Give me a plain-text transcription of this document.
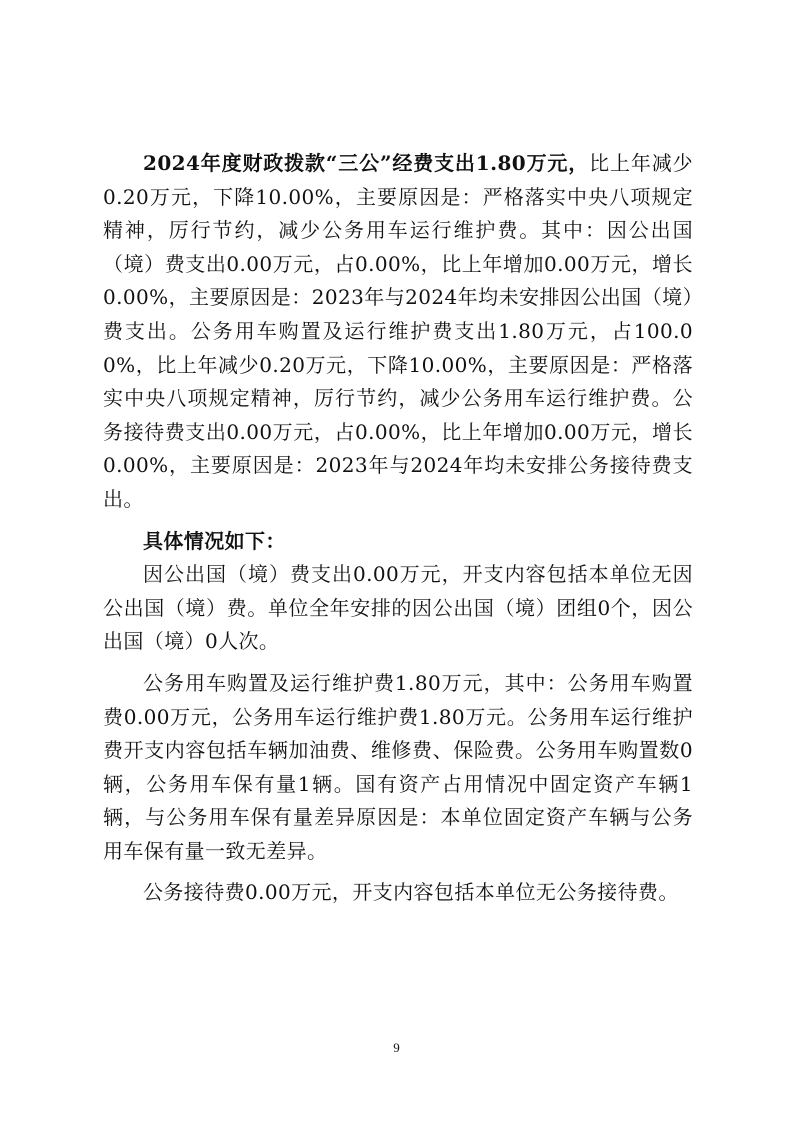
2024年度财政拨款“三公”经费支出1.80万元，比上年减少0.20万元，下降10.00%，主要原因是：严格落实中央八项规定精神，厉行节约，减少公务用车运行维护费。其中：因公出国（境）费支出0.00万元，占0.00%，比上年增加0.00万元，增长0.00%，主要原因是：2023年与2024年均未安排因公出国（境）费支出。公务用车购置及运行维护费支出1.80万元，占100.00%，比上年减少0.20万元，下降10.00%，主要原因是：严格落实中央八项规定精神，厉行节约，减少公务用车运行维护费。公务接待费支出0.00万元，占0.00%，比上年增加0.00万元，增长0.00%，主要原因是：2023年与2024年均未安排公务接待费支出。

具体情况如下：

因公出国（境）费支出0.00万元，开支内容包括本单位无因公出国（境）费。单位全年安排的因公出国（境）团组0个，因公出国（境）0人次。

公务用车购置及运行维护费1.80万元，其中：公务用车购置费0.00万元，公务用车运行维护费1.80万元。公务用车运行维护费开支内容包括车辆加油费、维修费、保险费。公务用车购置数0辆，公务用车保有量1辆。国有资产占用情况中固定资产车辆1辆，与公务用车保有量差异原因是：本单位固定资产车辆与公务用车保有量一致无差异。

公务接待费0.00万元，开支内容包括本单位无公务接待费。

9
